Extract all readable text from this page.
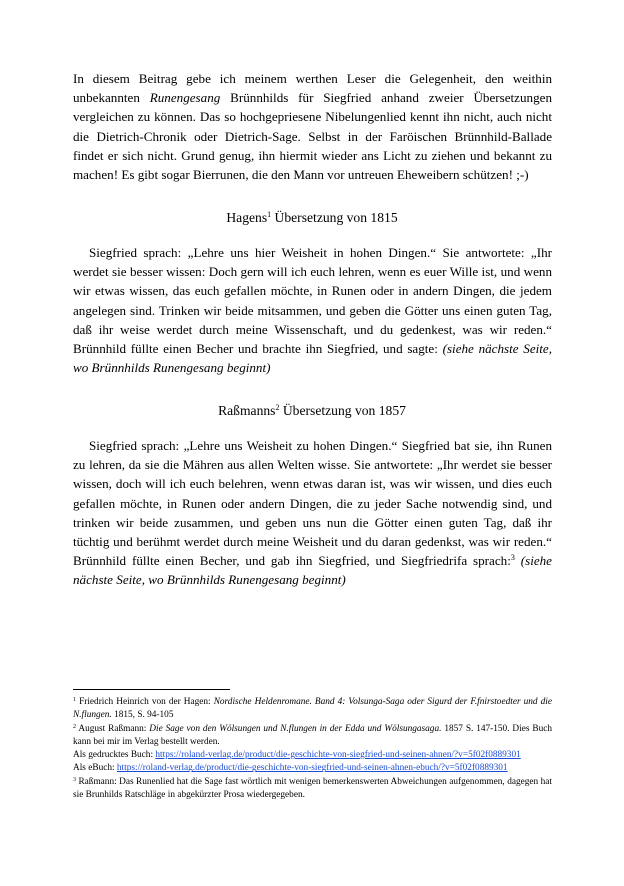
In diesem Beitrag gebe ich meinem werthen Leser die Gelegenheit, den weithin unbekannten Runengesang Brünnhilds für Siegfried anhand zweier Übersetzungen vergleichen zu können. Das so hochgepriesene Nibelungenlied kennt ihn nicht, auch nicht die Dietrich-Chronik oder Dietrich-Sage. Selbst in der Faröischen Brünnhild-Ballade findet er sich nicht. Grund genug, ihn hiermit wieder ans Licht zu ziehen und bekannt zu machen! Es gibt sogar Bierrunen, die den Mann vor untreuen Eheweibern schützen! ;-)

Hagens$^1$ Übersetzung von 1815

Siegfried sprach: „Lehre uns hier Weisheit in hohen Dingen.“ Sie antwortete: „Ihr werdet sie besser wissen: Doch gern will ich euch lehren, wenn es euer Wille ist, und wenn wir etwas wissen, das euch gefallen möchte, in Runen oder in andern Dingen, die jedem angelegen sind. Trinken wir beide mitsammen, und geben die Götter uns einen guten Tag, daß ihr weise werdet durch meine Wissenschaft, und du gedenkest, was wir reden.“ Brünnhild füllte einen Becher und brachte ihn Siegfried, und sagte: (siehe nächste Seite, wo Brünnhilds Runengesang beginnt)

Raßmanns$^2$ Übersetzung von 1857

Siegfried sprach: „Lehre uns Weisheit zu hohen Dingen.“ Siegfried bat sie, ihn Runen zu lehren, da sie die Mähren aus allen Welten wisse. Sie antwortete: „Ihr werdet sie besser wissen, doch will ich euch belehren, wenn etwas daran ist, was wir wissen, und dies euch gefallen möchte, in Runen oder andern Dingen, die zu jeder Sache notwendig sind, und trinken wir beide zusammen, und geben uns nun die Götter einen guten Tag, daß ihr tüchtig und berühmt werdet durch meine Weisheit und du daran gedenkst, was wir reden.“ Brünnhild füllte einen Becher, und gab ihn Siegfried, und Siegfriedrifa sprach:$^3$ (siehe nächste Seite, wo Brünnhilds Runengesang beginnt)

$^1$ Friedrich Heinrich von der Hagen: Nordische Heldenromane. Band 4: Volsunga-Saga oder Sigurd der F.fnirstoedter und die N.flungen. 1815, S. 94-105
$^2$ August Raßmann: Die Sage von den Wölsungen und N.flungen in der Edda und Wölsungasaga. 1857 S. 147-150. Dies Buch kann bei mir im Verlag bestellt werden.
Als gedrucktes Buch: https://roland-verlag.de/product/die-geschichte-von-siegfried-und-seinen-ahnen/?v=5f02f0889301
Als eBuch: https://roland-verlag.de/product/die-geschichte-von-siegfried-und-seinen-ahnen-ebuch/?v=5f02f0889301
$^3$ Raßmann: Das Runenlied hat die Sage fast wörtlich mit wenigen bemerkenswerten Abweichungen aufgenommen, dagegen hat sie Brunhilds Ratschläge in abgekürzter Prosa wiedergegeben.
